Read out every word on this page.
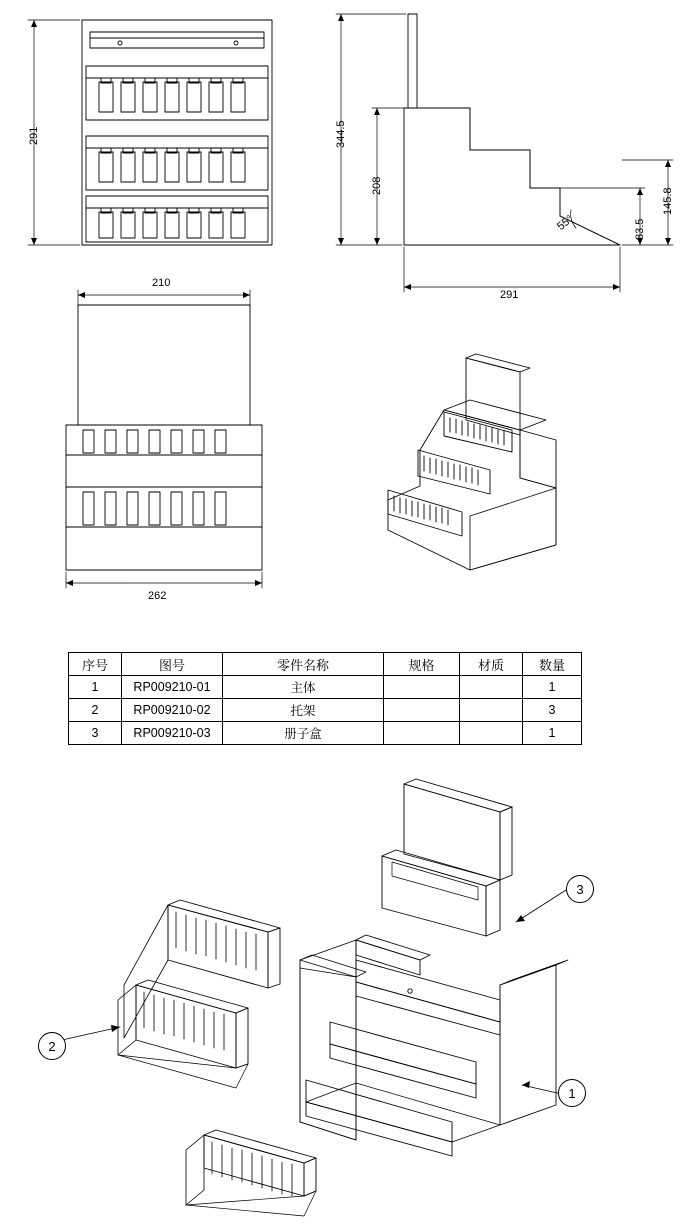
291	344.5
208
145.8
83.5
291
55°
210
262
序号	图号	零件名称	规格	材质	数量
1	RP009210-01	主体			1
2	RP009210-02	托架			3
3	RP009210-03	册子盒			1
1
2
3
